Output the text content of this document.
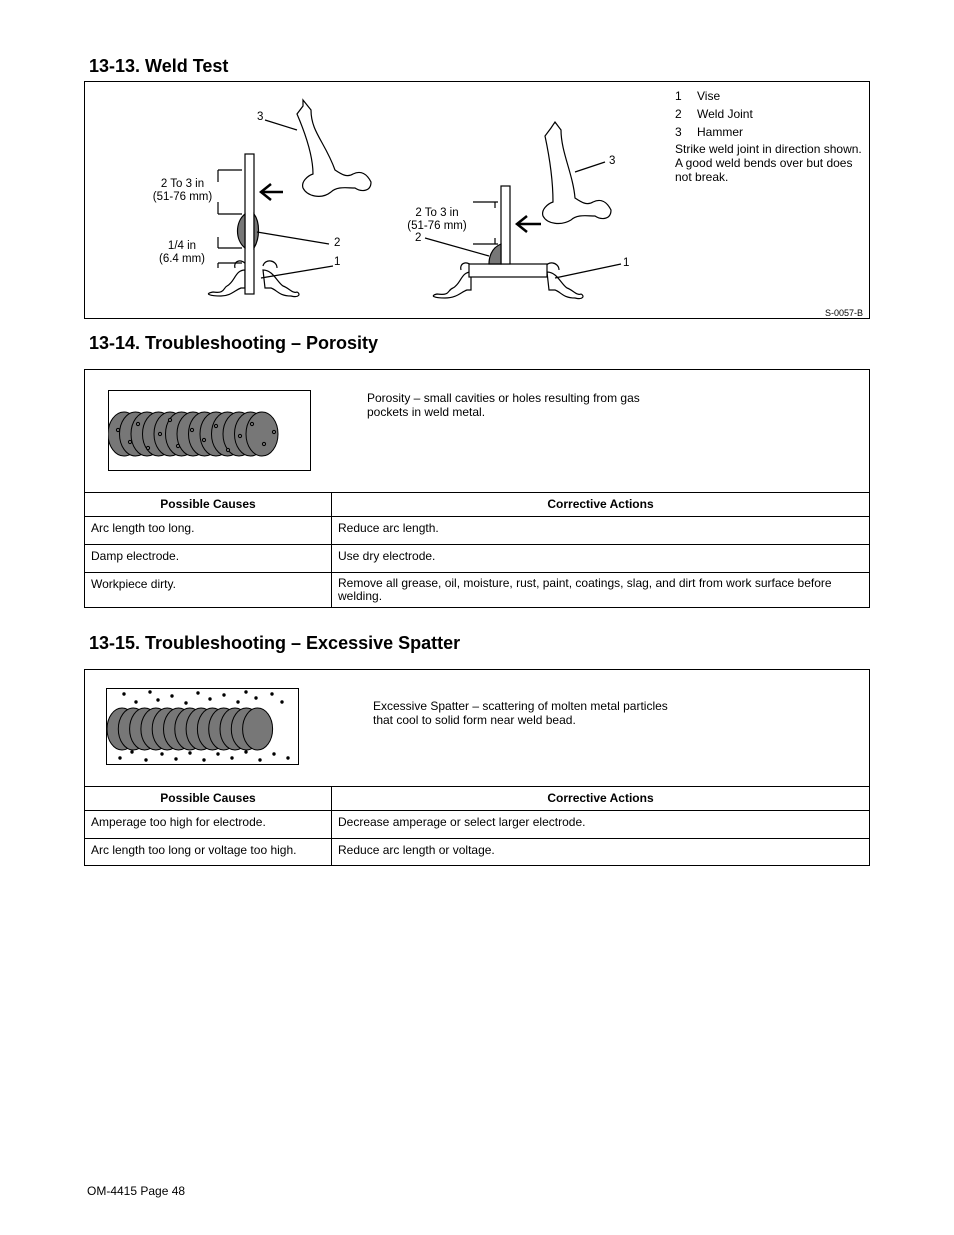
13-13. Weld Test
2 To 3 in
(51-76 mm)
1/4 in
(6.4 mm)
3
2
1
2 To 3 in
(51-76 mm)
3
2
1
1	Vise
2	Weld Joint
3	Hammer
Strike weld joint in direction shown. A good weld bends over but does not break.
S-0057-B
13-14. Troubleshooting – Porosity
Porosity – small cavities or holes resulting from gas
pockets in weld metal.
Possible Causes	Corrective Actions
Arc length too long.	Reduce arc length.
Damp electrode.	Use dry electrode.
Workpiece dirty.	Remove all grease, oil, moisture, rust, paint, coatings, slag, and dirt from work surface before welding.
13-15. Troubleshooting – Excessive Spatter
Excessive Spatter – scattering of molten metal particles
that cool to solid form near weld bead.
Possible Causes	Corrective Actions
Amperage too high for electrode.	Decrease amperage or select larger electrode.
Arc length too long or voltage too high.	Reduce arc length or voltage.
OM-4415 Page 48
